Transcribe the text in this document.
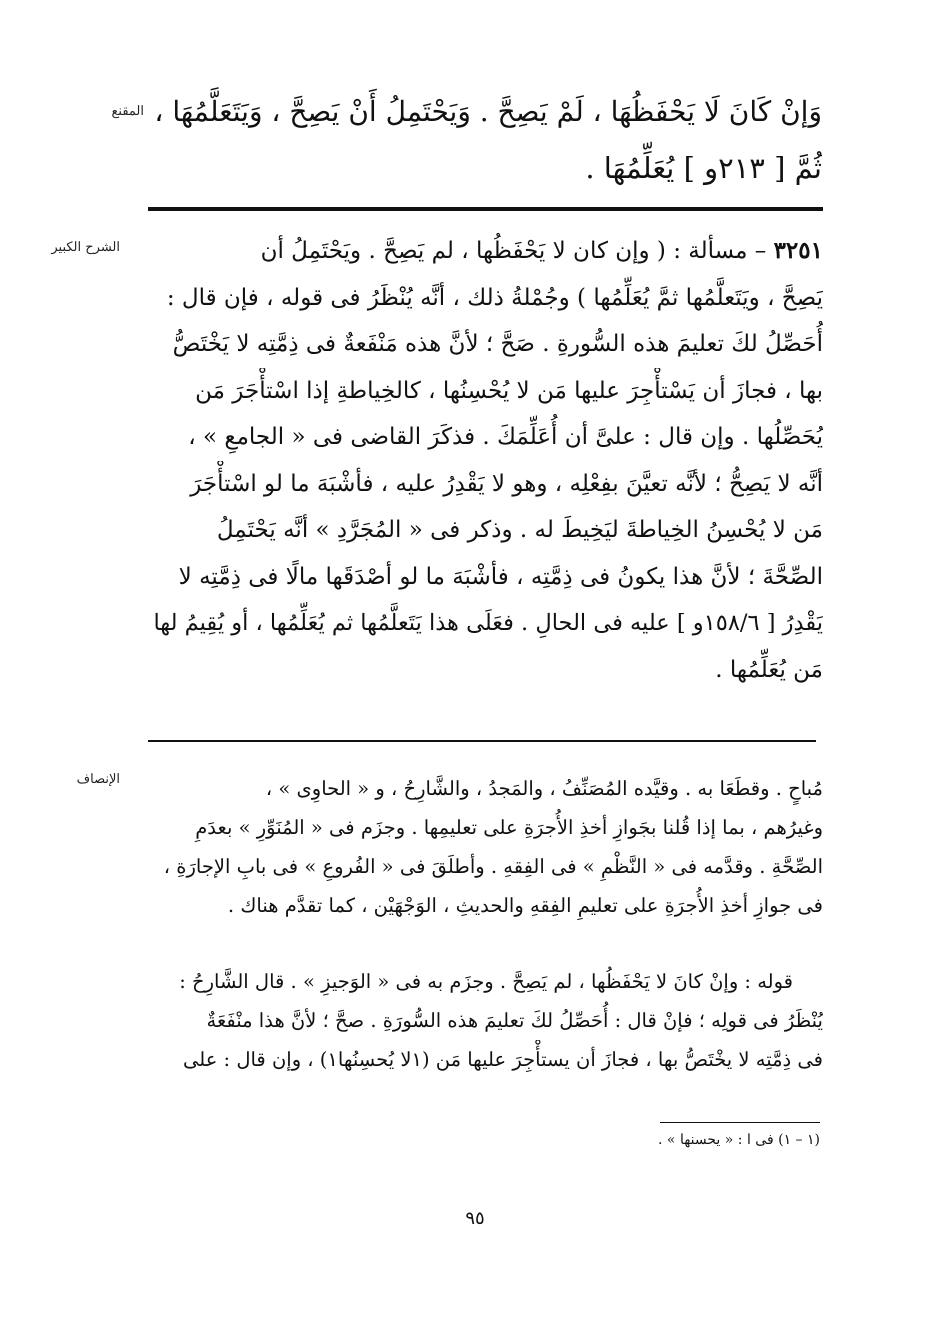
المقنع وَإنْ كَانَ لَا يَحْفَظُهَا ، لَمْ يَصِحَّ . وَيَحْتَمِلُ أَنْ يَصِحَّ ، وَيَتَعَلَّمُهَا ،
ثُمَّ [ ٢١٣و ] يُعَلِّمُهَا .
الشرح الكبير	٣٢٥١ – مسألة : ( وإن كان لا يَحْفَظُها ، لم يَصِحَّ . ويَحْتَمِلُ أن
يَصِحَّ ، ويَتَعلَّمُها ثمَّ يُعَلِّمُها ) وجُمْلةُ ذلك ، أنَّه يُنْظَرُ فى قوله ، فإن قال :
أُحَصِّلُ لكَ تعليمَ هذه السُّورةِ . صَحَّ ؛ لأنَّ هذه مَنْفَعةٌ فى ذِمَّتِه لا يَخْتَصُّ
بها ، فجازَ أن يَسْتأْجِرَ عليها مَن لا يُحْسِنُها ، كالخِياطةِ إذا اسْتأْجَرَ مَن
يُحَصِّلُها . وإن قال : علىَّ أن أُعَلِّمَكَ . فذكَرَ القاضى فى « الجامعِ » ،
أنَّه لا يَصِحُّ ؛ لأنَّه تعيَّنَ بفِعْلِه ، وهو لا يَقْدِرُ عليه ، فأشْبَهَ ما لو اسْتأْجَرَ
مَن لا يُحْسِنُ الخِياطةَ ليَخِيطَ له . وذكر فى « المُجَرَّدِ » أنَّه يَحْتَمِلُ
الصِّحَّةَ ؛ لأنَّ هذا يكونُ فى ذِمَّتِه ، فأشْبَهَ ما لو أصْدَقَها مالًا فى ذِمَّتِه لا
يَقْدِرُ [ ١٥٨/٦و ] عليه فى الحالِ . فعَلَى هذا يَتَعلَّمُها ثم يُعَلِّمُها ، أو يُقِيمُ لها
مَن يُعَلِّمُها .
الإنصاف	مُباحٍ . وقطَعَا به . وقيَّده المُصَنِّفُ ، والمَجدُ ، والشَّارِحُ ، و « الحاوِى » ،
وغيرُهم ، بما إذا قُلنا بجَوازِ أخذِ الأُجرَةِ على تعليمِها . وجزَم فى « المُنَوِّرِ » بعدَمِ
الصِّحَّةِ . وقدَّمه فى « النَّظْمِ » فى الفِقهِ . وأطلَقَ فى « الفُروعِ » فى بابِ الإجارَةِ ،
فى جوازِ أخذِ الأُجرَةِ على تعليمِ الفِقهِ والحديثِ ، الوَجْهَيْن ، كما تقدَّم هناك .
قوله : وإنْ كانَ لا يَحْفَظُها ، لم يَصِحَّ . وجزَم به فى « الوَجيزِ » . قال الشَّارِحُ :
يُنْظَرُ فى قولِه ؛ فإنْ قال : أُحَصِّلُ لكَ تعليمَ هذه السُّورَةِ . صحَّ ؛ لأنَّ هذا منْفَعَةٌ
فى ذِمَّتِه لا يخْتَصُّ بها ، فجازَ أن يستأْجِرَ عليها مَن (١لا يُحسِنُها١) ، وإن قال : على
(١ – ١) فى ا : « يحسنها » .
٩٥
